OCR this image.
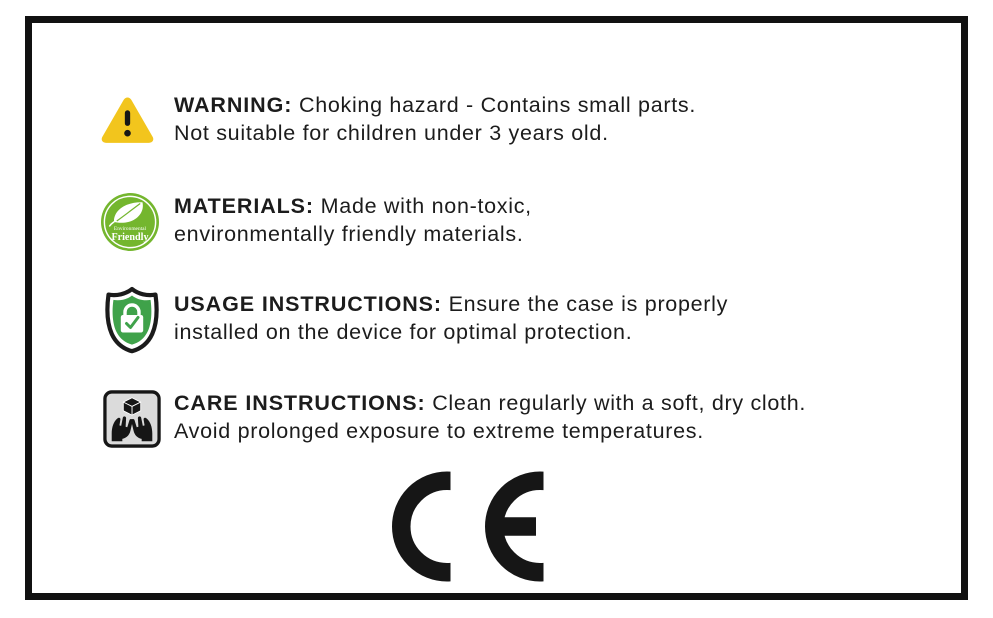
WARNING: Choking hazard - Contains small parts.
Not suitable for children under 3 years old.
Environmental
Friendly
MATERIALS: Made with non-toxic,
environmentally friendly materials.
USAGE INSTRUCTIONS: Ensure the case is properly
installed on the device for optimal protection.
CARE INSTRUCTIONS: Clean regularly with a soft, dry cloth.
Avoid prolonged exposure to extreme temperatures.
